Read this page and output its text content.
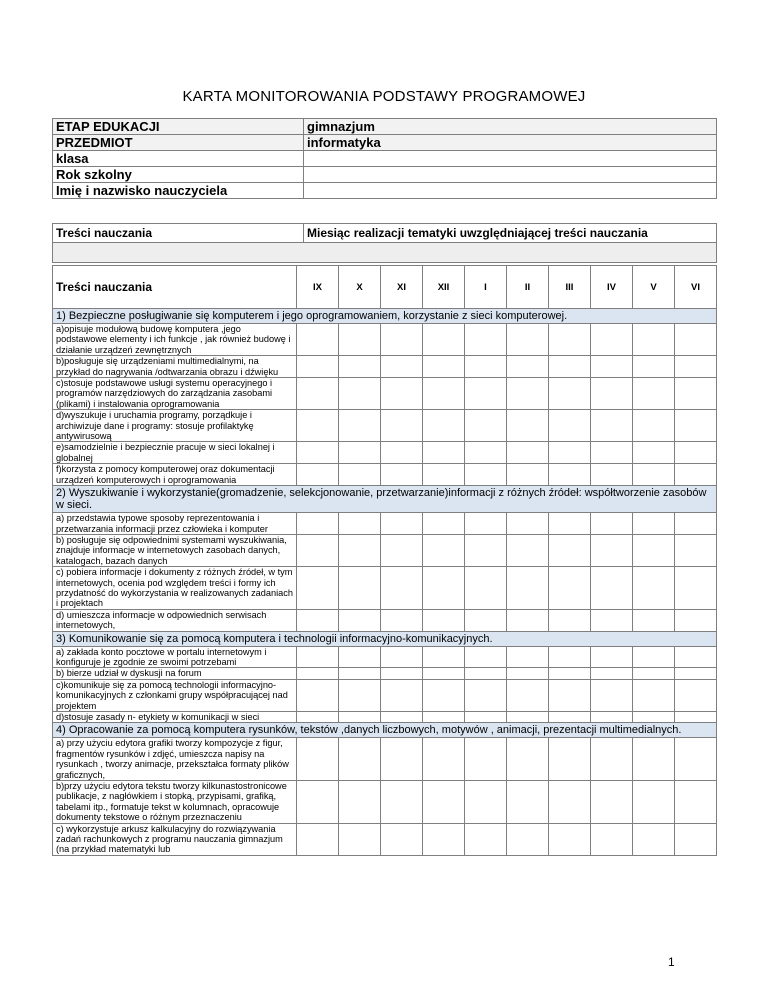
KARTA MONITOROWANIA PODSTAWY PROGRAMOWEJ
ETAP EDUKACJI	gimnazjum
PRZEDMIOT	informatyka
klasa	
Rok szkolny	
Imię i nazwisko nauczyciela	
Treści nauczania	Miesiąc realizacji tematyki uwzględniającej treści nauczania

Treści nauczania	IX	X	XI	XII	I	II	III	IV	V	VI
1) Bezpieczne posługiwanie się komputerem i jego oprogramowaniem, korzystanie z sieci komputerowej.										
a)opisuje modułową budowę komputera ,jego podstawowe elementy i ich funkcje , jak również budowę i działanie urządzeń zewnętrznych										
b)posługuje się urządzeniami multimedialnymi, na przykład do nagrywania /odtwarzania obrazu i dźwięku										
c)stosuje podstawowe usługi systemu operacyjnego i programów narzędziowych do zarządzania zasobami (plikami) i instalowania oprogramowania										
d)wyszukuje i uruchamia programy, porządkuje i archiwizuje dane i programy: stosuje profilaktykę antywirusową										
e)samodzielnie i bezpiecznie pracuje w sieci lokalnej i globalnej										
f)korzysta z pomocy komputerowej oraz dokumentacji urządzeń komputerowych i oprogramowania										
2) Wyszukiwanie i wykorzystanie(gromadzenie, selekcjonowanie, przetwarzanie)informacji z różnych źródeł: współtworzenie zasobów w sieci.										
a) przedstawia typowe sposoby reprezentowania i przetwarzania informacji przez człowieka i komputer										
b) posługuje się odpowiednimi systemami wyszukiwania, znajduje informacje w internetowych zasobach danych, katalogach, bazach danych										
c) pobiera informacje i dokumenty z różnych źródeł, w tym internetowych, ocenia pod względem treści i formy ich przydatność do wykorzystania w realizowanych zadaniach i projektach										
d) umieszcza informacje w odpowiednich serwisach internetowych,										
3) Komunikowanie się za pomocą komputera i technologii informacyjno-komunikacyjnych.										
a) zakłada konto pocztowe w portalu internetowym i konfiguruje je zgodnie ze swoimi potrzebami										
b) bierze udział w dyskusji na forum										
c)komunikuje się za pomocą technologii informacyjno-komunikacyjnych z członkami grupy współpracującej nad projektem										
d)stosuje zasady n- etykiety w komunikacji w sieci										
4) Opracowanie za pomocą komputera rysunków, tekstów ,danych liczbowych, motywów , animacji, prezentacji multimedialnych.										
a) przy użyciu edytora grafiki tworzy kompozycje z figur, fragmentów rysunków i zdjęć, umieszcza napisy na rysunkach , tworzy animacje, przekształca formaty plików graficznych,										
b)przy użyciu edytora tekstu tworzy kilkunastostronicowe publikacje, z nagłówkiem i stopką, przypisami, grafiką, tabelami itp., formatuje tekst w kolumnach, opracowuje dokumenty tekstowe o różnym przeznaczeniu										
c) wykorzystuje arkusz kalkulacyjny do rozwiązywania zadań rachunkowych z programu nauczania gimnazjum (na przykład matematyki lub										
1
